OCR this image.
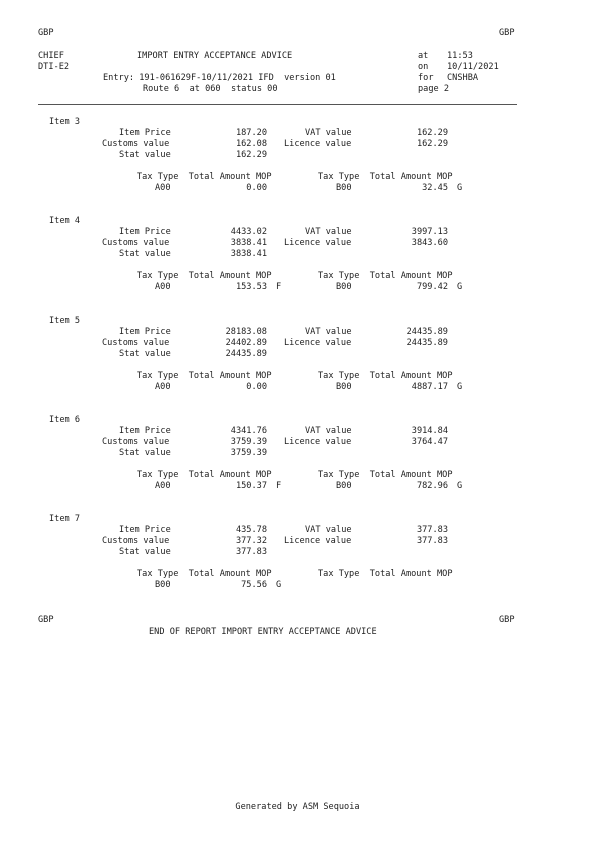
GBP	GBP
CHIEF
DTI-E2
IMPORT ENTRY ACCEPTANCE ADVICE	at 11:53
on 10/11/2021
Entry: 191-061629F-10/11/2021 IFD  version 01	for CNSHBA
Route 6  at 060  status 00	page 2
Item 3
Item Price	187.20	VAT value	162.29
Customs value	162.08 Licence value	162.29
Stat value	162.29
Tax Type  Total Amount MOP	Tax Type  Total Amount MOP
A00	0.00	B00	32.45 G
Item 4
Item Price	4433.02	VAT value	3997.13
Customs value	3838.41 Licence value	3843.60
Stat value	3838.41
Tax Type  Total Amount MOP	Tax Type  Total Amount MOP
A00	153.53 F	B00	799.42 G
Item 5
Item Price	28183.08	VAT value	24435.89
Customs value	24402.89 Licence value	24435.89
Stat value	24435.89
Tax Type  Total Amount MOP	Tax Type  Total Amount MOP
A00	0.00	B00	4887.17 G
Item 6
Item Price	4341.76	VAT value	3914.84
Customs value	3759.39 Licence value	3764.47
Stat value	3759.39
Tax Type  Total Amount MOP	Tax Type  Total Amount MOP
A00	150.37 F	B00	782.96 G
Item 7
Item Price	435.78	VAT value	377.83
Customs value	377.32 Licence value	377.83
Stat value	377.83
Tax Type  Total Amount MOP	Tax Type  Total Amount MOP
B00	75.56 G
GBP	GBP
END OF REPORT IMPORT ENTRY ACCEPTANCE ADVICE
Generated by ASM Sequoia
